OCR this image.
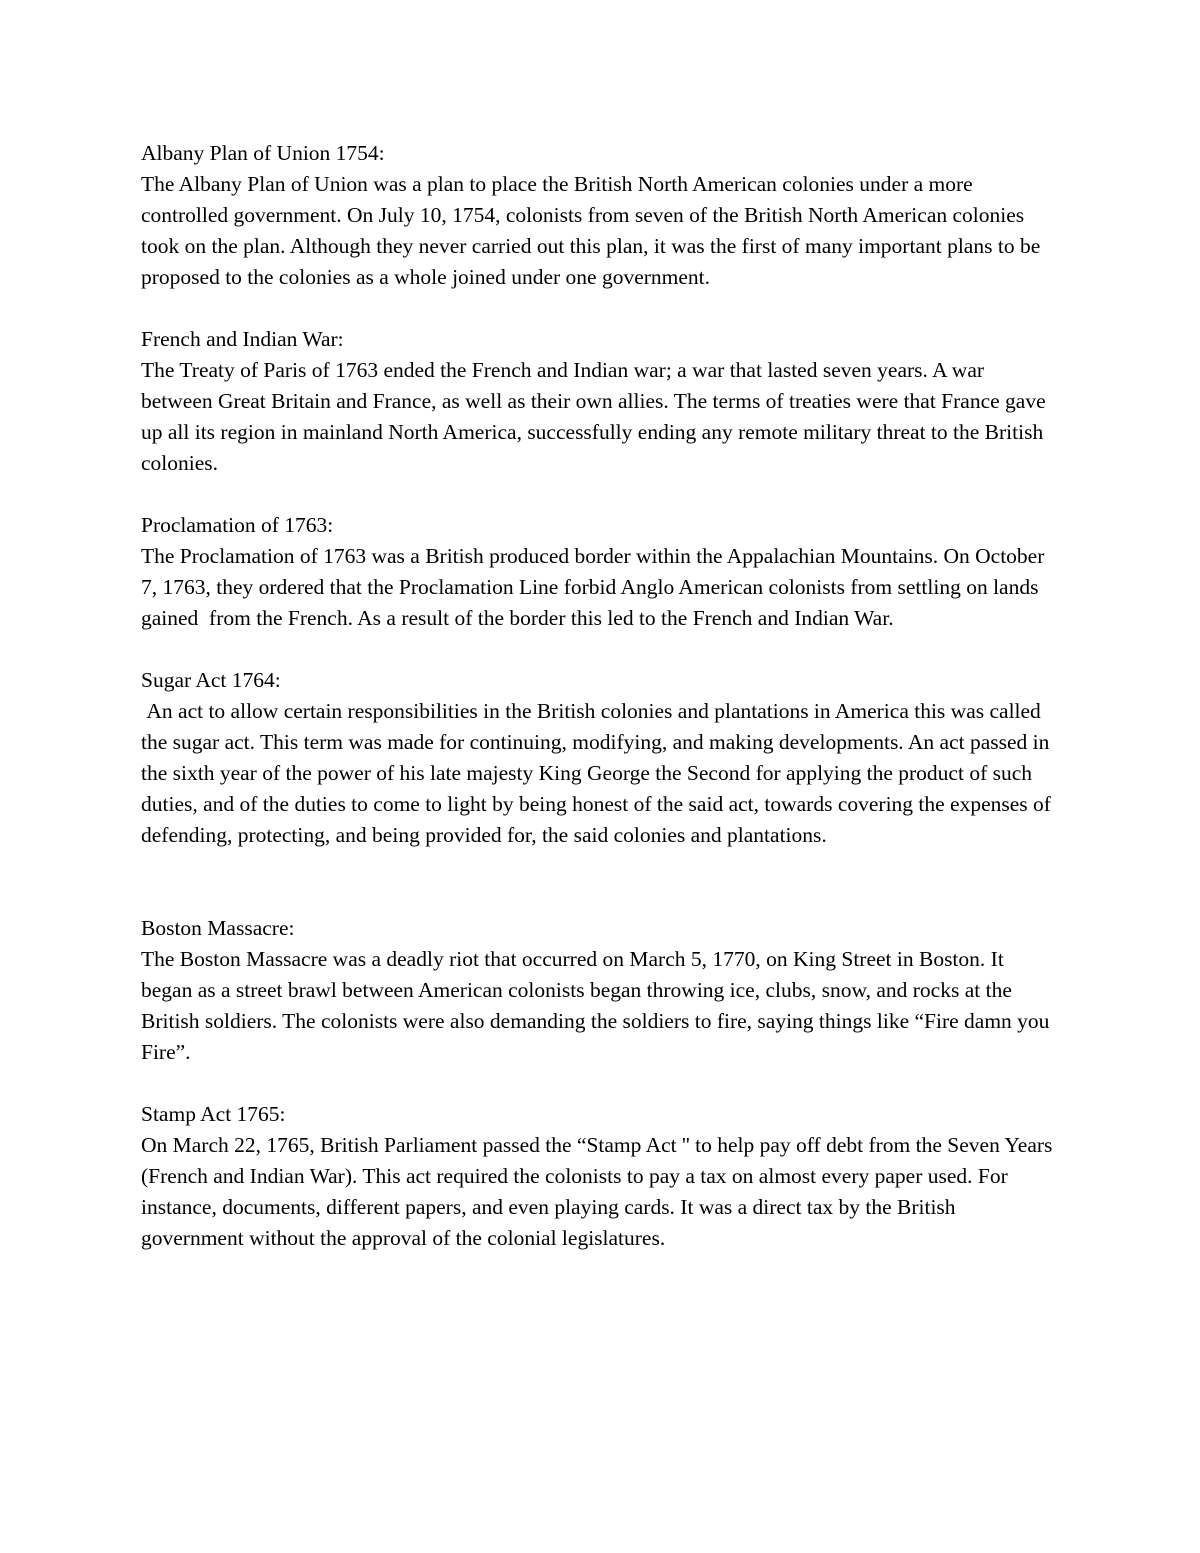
Albany Plan of Union 1754:

The Albany Plan of Union was a plan to place the British North American colonies under a more controlled government. On July 10, 1754, colonists from seven of the British North American colonies took on the plan. Although they never carried out this plan, it was the first of many important plans to be proposed to the colonies as a whole joined under one government.

French and Indian War:

The Treaty of Paris of 1763 ended the French and Indian war; a war that lasted seven years. A war between Great Britain and France, as well as their own allies. The terms of treaties were that France gave up all its region in mainland North America, successfully ending any remote military threat to the British colonies.

Proclamation of 1763:

The Proclamation of 1763 was a British produced border within the Appalachian Mountains. On October 7, 1763, they ordered that the Proclamation Line forbid Anglo American colonists from settling on lands gained  from the French. As a result of the border this led to the French and Indian War.

Sugar Act 1764:

An act to allow certain responsibilities in the British colonies and plantations in America this was called the sugar act. This term was made for continuing, modifying, and making developments. An act passed in the sixth year of the power of his late majesty King George the Second for applying the product of such duties, and of the duties to come to light by being honest of the said act, towards covering the expenses of defending, protecting, and being provided for, the said colonies and plantations.

Boston Massacre:

The Boston Massacre was a deadly riot that occurred on March 5, 1770, on King Street in Boston. It began as a street brawl between American colonists began throwing ice, clubs, snow, and rocks at the British soldiers. The colonists were also demanding the soldiers to fire, saying things like “Fire damn you Fire”.

Stamp Act 1765:

On March 22, 1765, British Parliament passed the “Stamp Act '' to help pay off debt from the Seven Years (French and Indian War). This act required the colonists to pay a tax on almost every paper used. For instance, documents, different papers, and even playing cards. It was a direct tax by the British government without the approval of the colonial legislatures.
